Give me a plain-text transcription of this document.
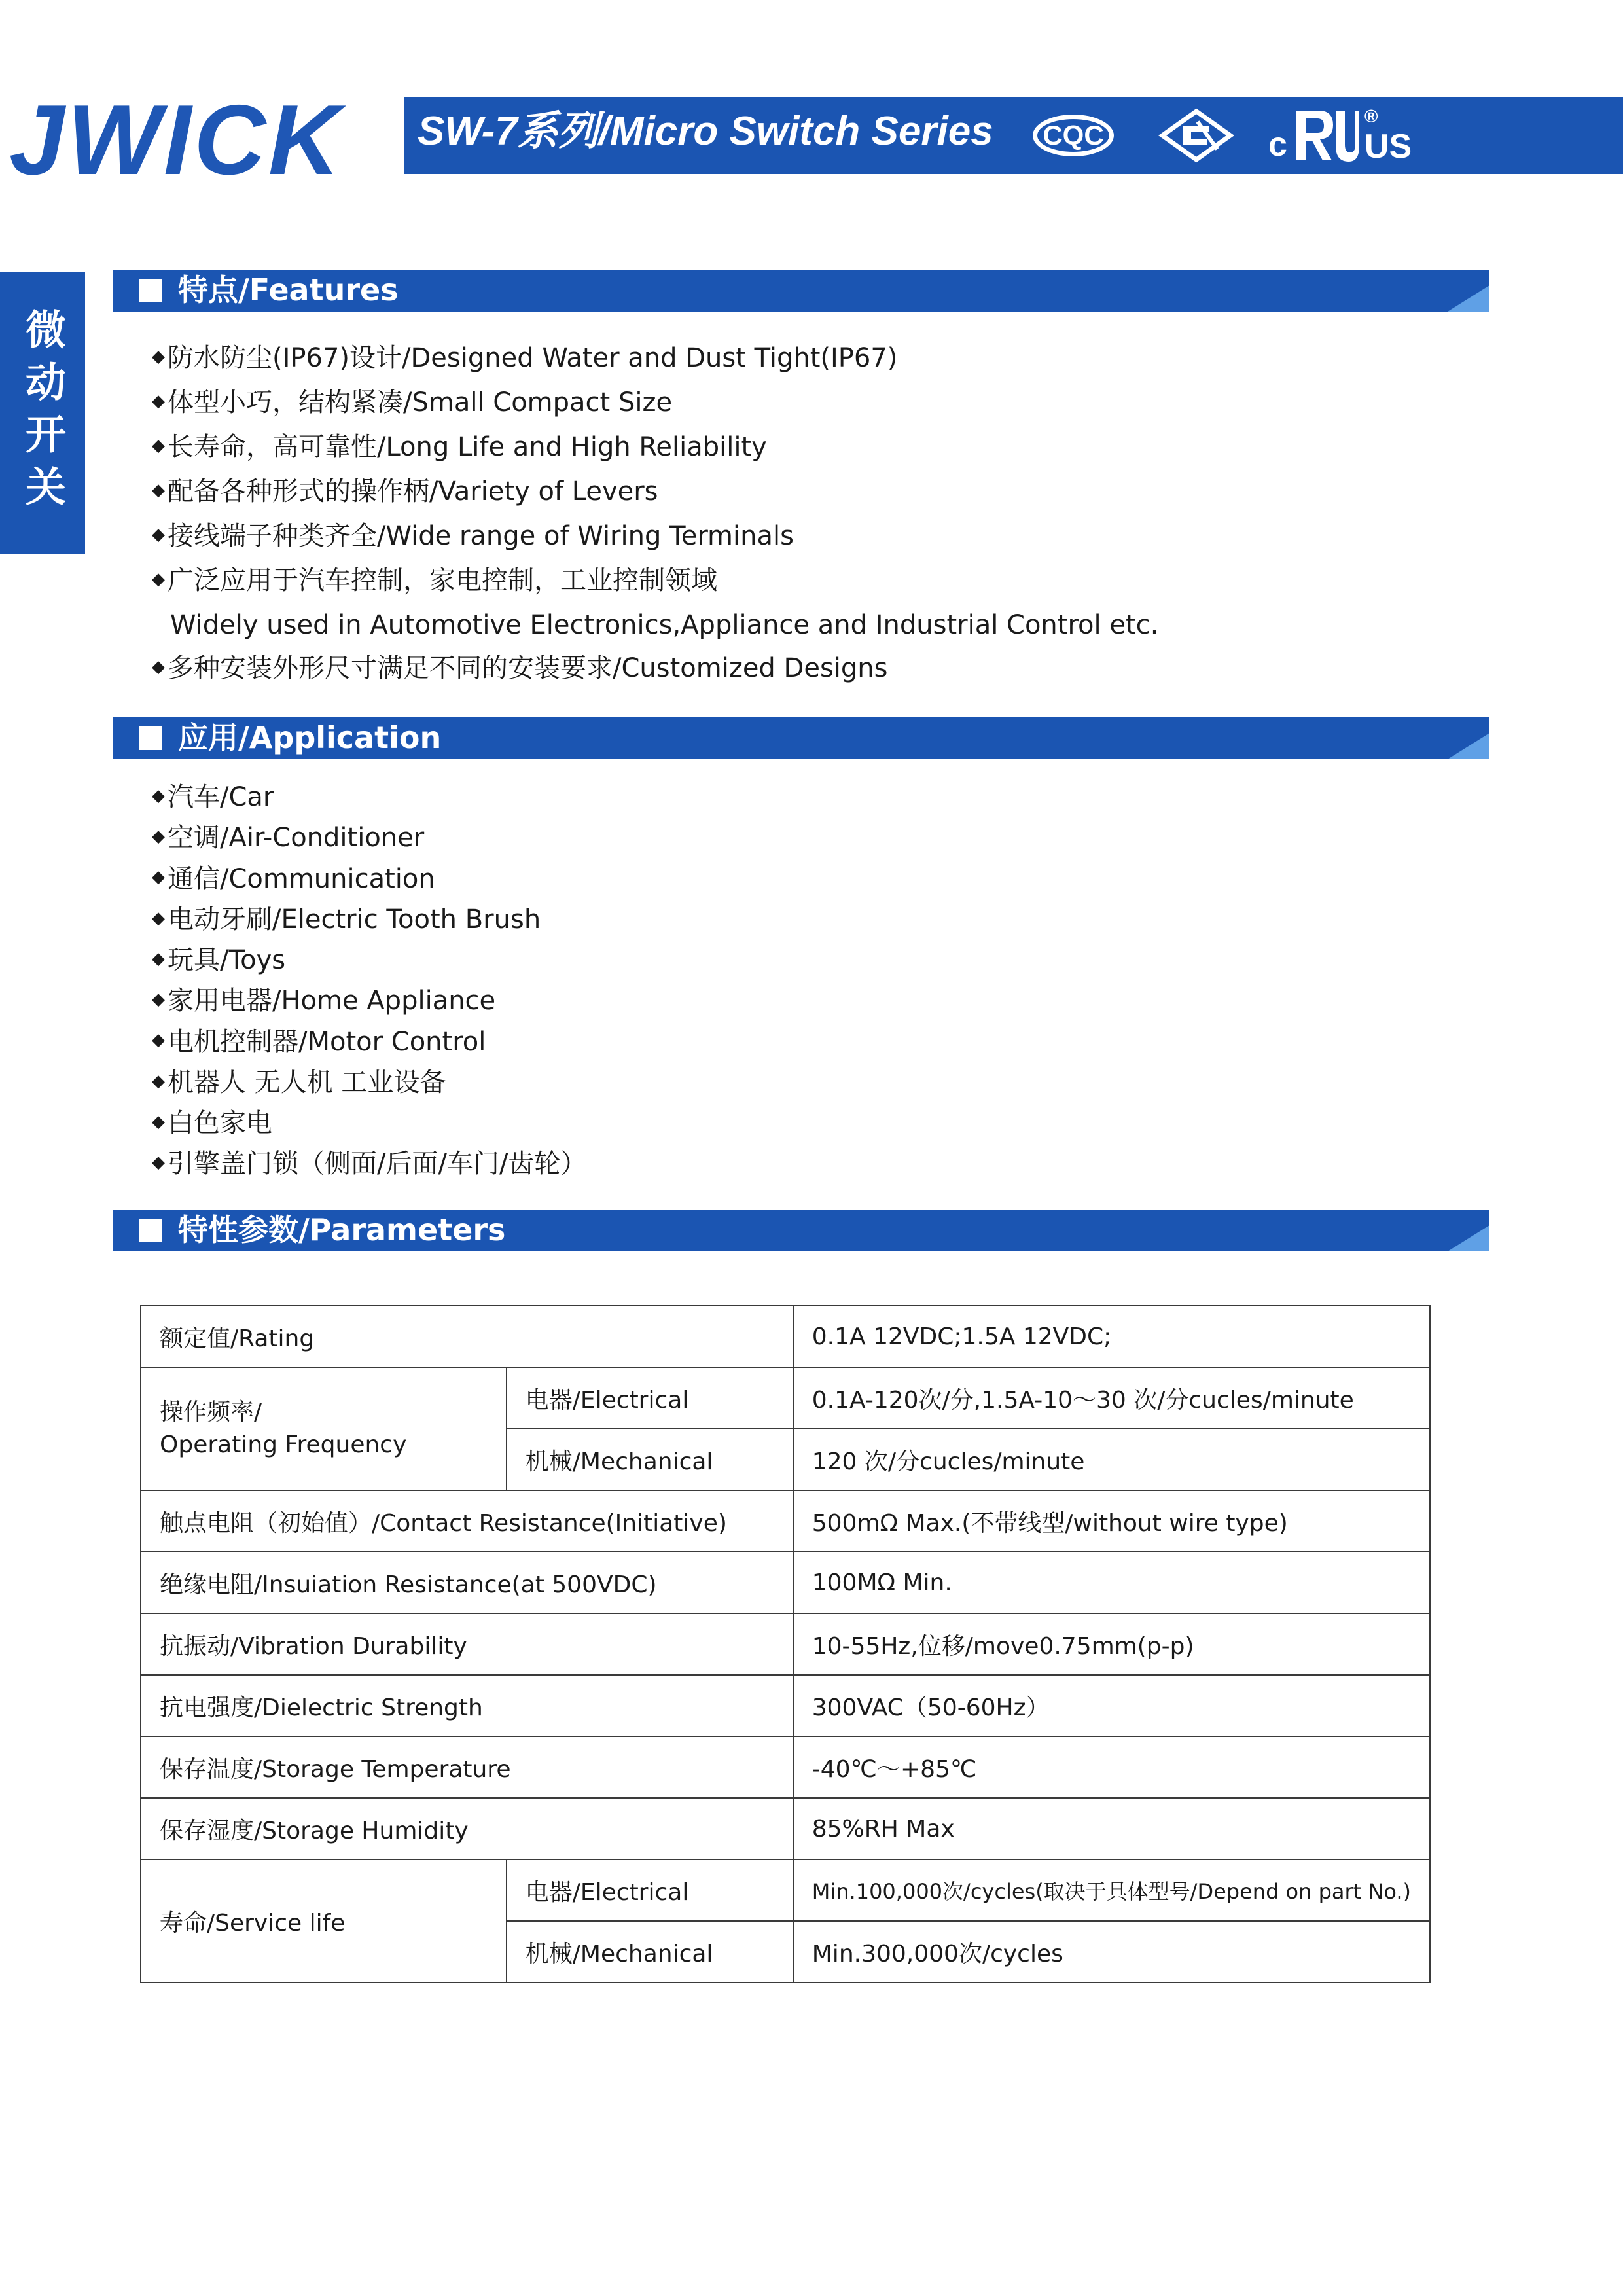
JWICK SW-7系列/Micro Switch Series CQC	c
®
US
微动开关
特点/Features
◆ 防水防尘(IP67)设计/Designed Water and Dust Tight(IP67)
◆ 体型小巧，结构紧凑/Small Compact Size
◆ 长寿命，高可靠性/Long Life and High Reliability
◆ 配备各种形式的操作柄/Variety of Levers
◆ 接线端子种类齐全/Wide range of Wiring Terminals
◆ 广泛应用于汽车控制，家电控制，工业控制领域
Widely used in Automotive Electronics,Appliance and Industrial Control etc.
◆ 多种安装外形尺寸满足不同的安装要求/Customized Designs
应用/Application
◆ 汽车/Car
◆ 空调/Air-Conditioner
◆ 通信/Communication
◆ 电动牙刷/Electric Tooth Brush
◆ 玩具/Toys
◆ 家用电器/Home Appliance
◆ 电机控制器/Motor Control
◆ 机器人 无人机 工业设备
◆ 白色家电
◆ 引擎盖门锁（侧面/后面/车门/齿轮）
特性参数/Parameters
额定值/Rating		0.1A 12VDC;1.5A 12VDC;
操作频率/
Operating Frequency	电器/Electrical	0.1A-120次/分,1.5A-10～30 次/分cucles/minute
	机械/Mechanical	120 次/分cucles/minute
触点电阻（初始值）/Contact Resistance(Initiative)		500mΩ Max.(不带线型/without wire type)
绝缘电阻/Insuiation Resistance(at 500VDC)		100MΩ Min.
抗振动/Vibration Durability		10-55Hz,位移/move0.75mm(p-p)
抗电强度/Dielectric Strength		300VAC（50-60Hz）
保存温度/Storage Temperature		-40℃～+85℃
保存湿度/Storage Humidity		85%RH Max
寿命/Service life	电器/Electrical	Min.100,000次/cycles(取决于具体型号/Depend on part No.)
	机械/Mechanical	Min.300,000次/cycles
